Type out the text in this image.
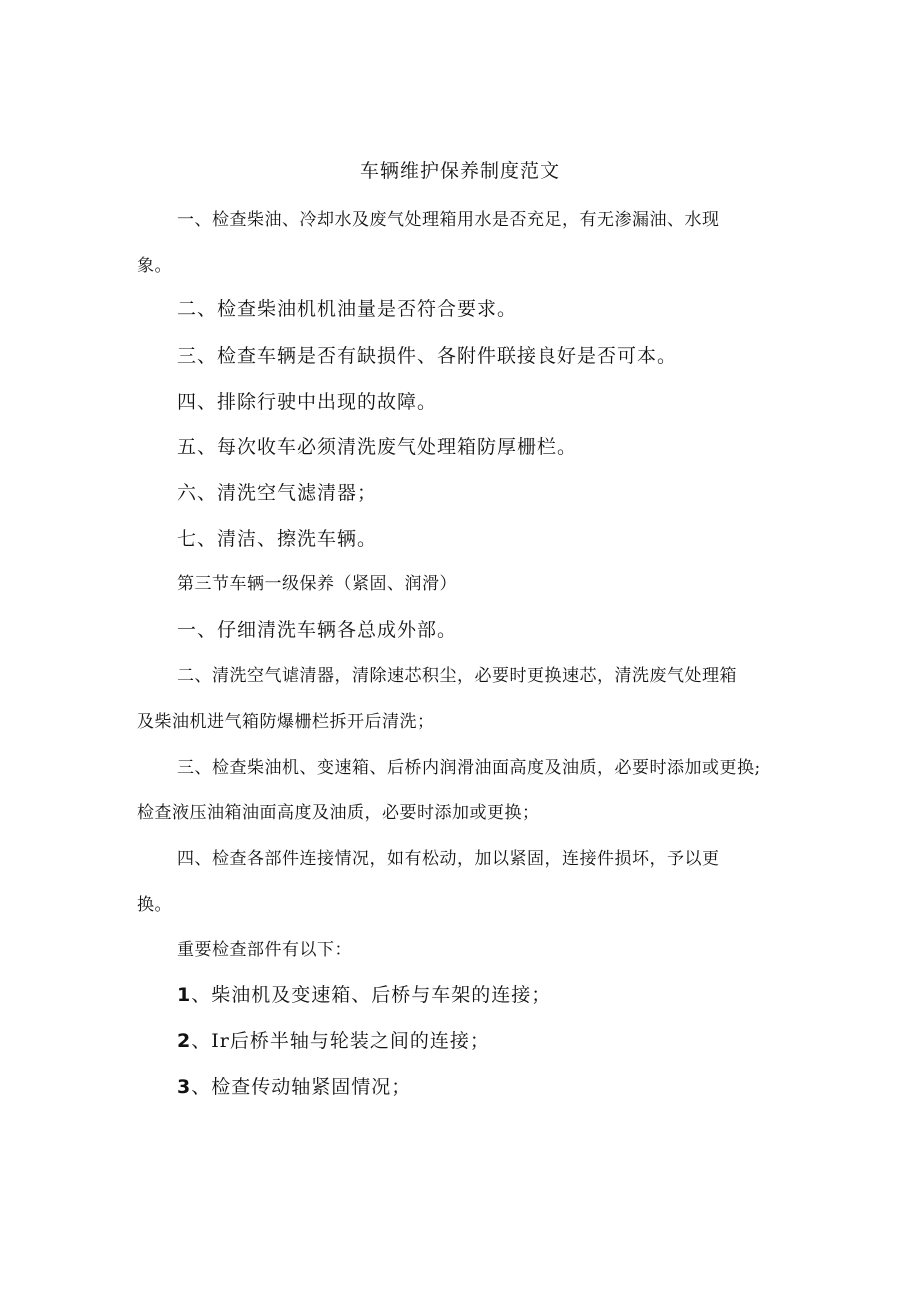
车辆维护保养制度范文
一、检查柴油、冷却水及废气处理箱用水是否充足，有无渗漏油、水现
象。
二、检查柴油机机油量是否符合要求。
三、检查车辆是否有缺损件、各附件联接良好是否可本。
四、排除行驶中出现的故障。
五、每次收车必须清洗废气处理箱防厚栅栏。
六、清洗空气滤清器；
七、清洁、擦洗车辆。
第三节车辆一级保养（紧固、润滑）
一、仔细清洗车辆各总成外部。
二、清洗空气谑清器，清除速芯积尘，必要时更换速芯，清洗废气处理箱
及柴油机进气箱防爆栅栏拆开后清洗；
三、检查柴油机、变速箱、后桥内润滑油面高度及油质，必要时添加或更换;
检查液压油箱油面高度及油质，必要时添加或更换；
四、检查各部件连接情况，如有松动，加以紧固，连接件损坏，予以更
换。
重要检查部件有以下：
1、柴油机及变速箱、后桥与车架的连接；
2、Ir后桥半轴与轮装之间的连接；
3、检查传动轴紧固情况；
